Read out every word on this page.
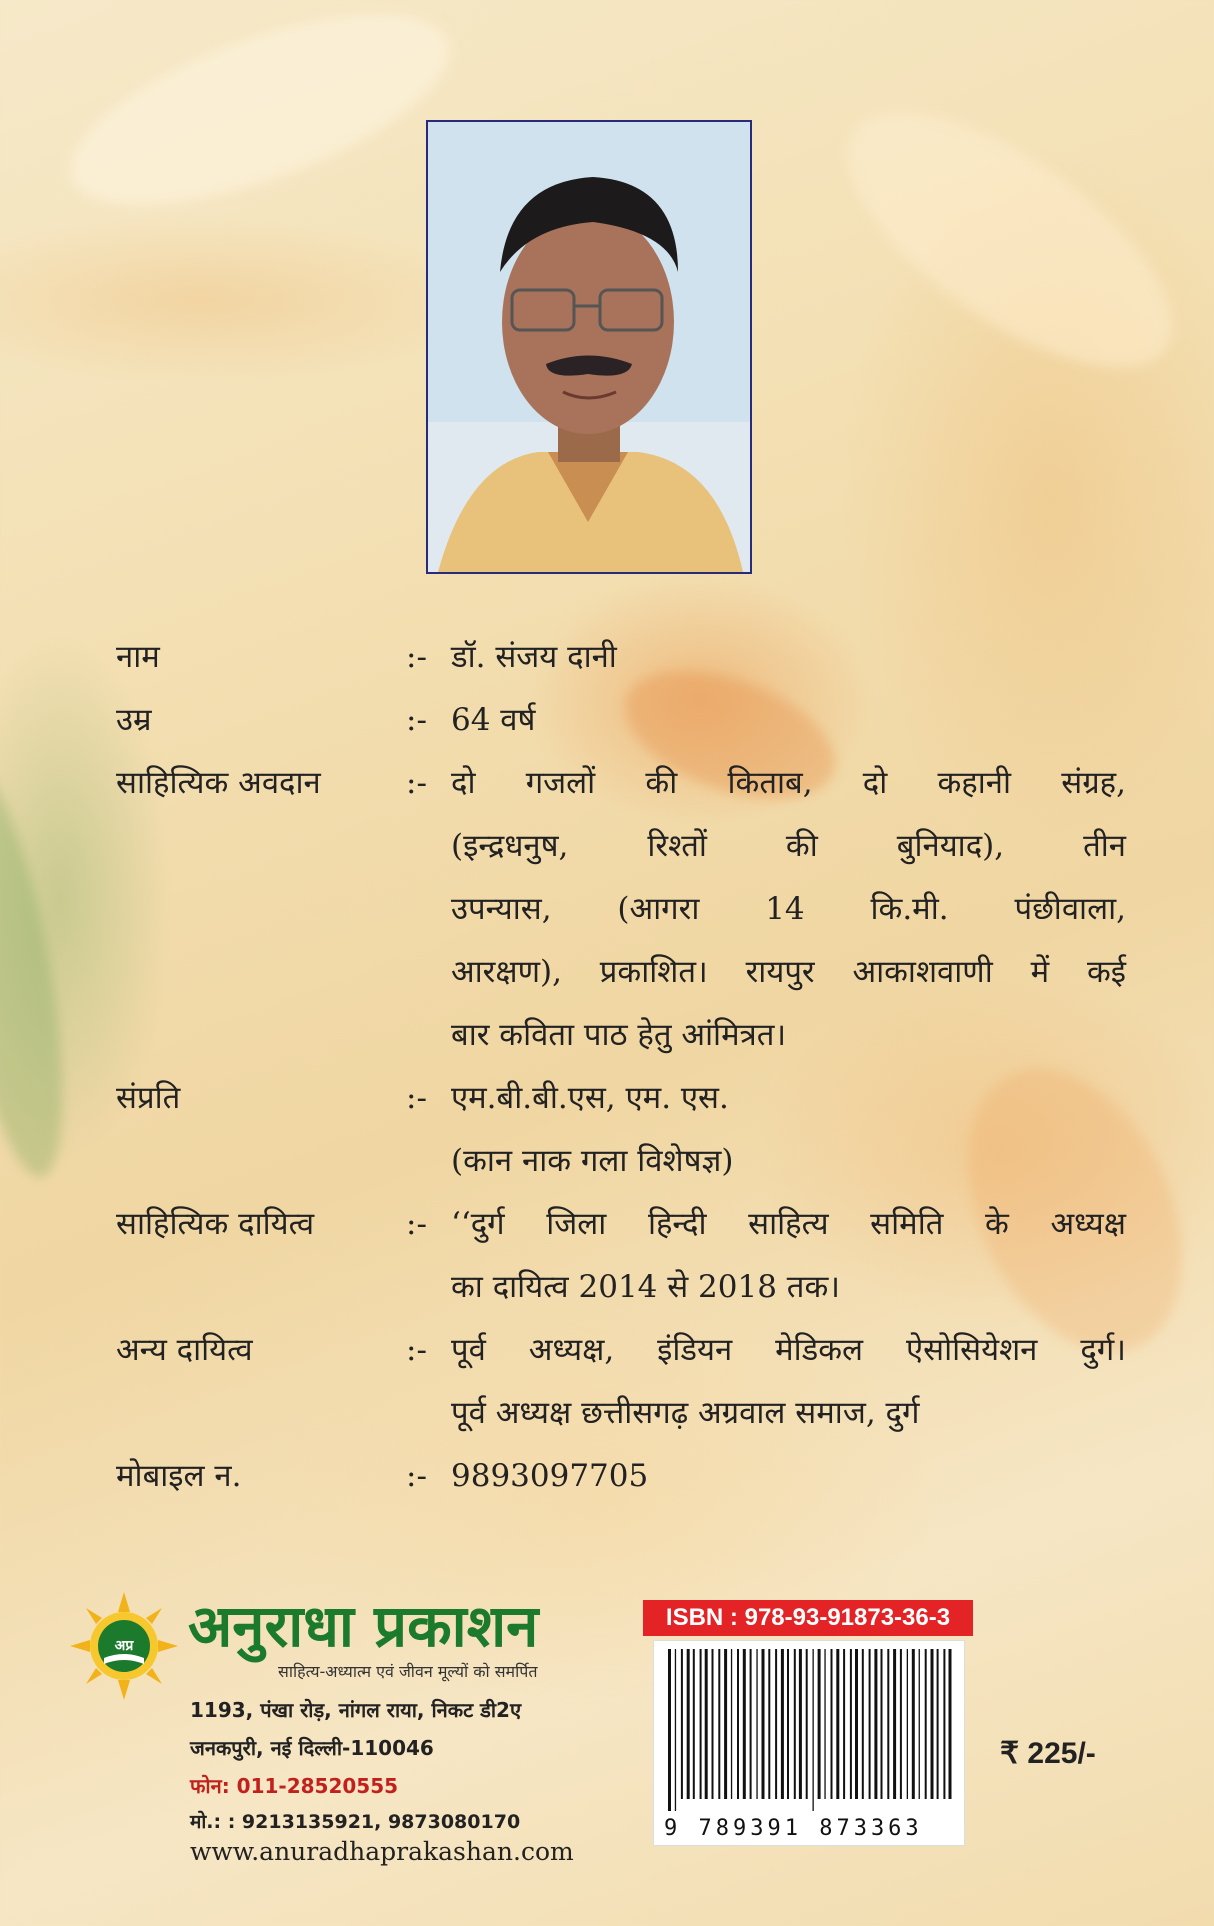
नाम	:- डॉ. संजय दानी

उम्र	:- 64 वर्ष

साहित्यिक अवदान	:- दो गजलों की किताब, दो कहानी संग्रह,

(इन्द्रधनुष, रिश्तों की बुनियाद), तीन

उपन्यास, (आगरा 14 कि.मी. पंछीवाला,

आरक्षण), प्रकाशित। रायपुर आकाशवाणी में कई

बार कविता पाठ हेतु आंमित्रत।

संप्रति	:- एम.बी.बी.एस, एम. एस.

(कान नाक गला विशेषज्ञ)

साहित्यिक दायित्व	:- ‘‘दुर्ग जिला हिन्दी साहित्य समिति के अध्यक्ष

का दायित्व 2014 से 2018 तक।

अन्य दायित्व	:- पूर्व अध्यक्ष, इंडियन मेडिकल ऐसोसियेशन दुर्ग।

पूर्व अध्यक्ष छत्तीसगढ़ अग्रवाल समाज, दुर्ग

मोबाइल न.	:- 9893097705

अप्र अनुराधा प्रकाशन
साहित्य-अध्यात्म एवं जीवन मूल्यों को समर्पित
1193, पंखा रोड़, नांगल राया, निकट डी2ए
जनकपुरी, नई दिल्ली-110046
फोन: 011-28520555
मो.: : 9213135921, 9873080170
www.anuradhaprakashan.com
ISBN : 978-93-91873-36-3
9 789391 873363
₹ 225/-
